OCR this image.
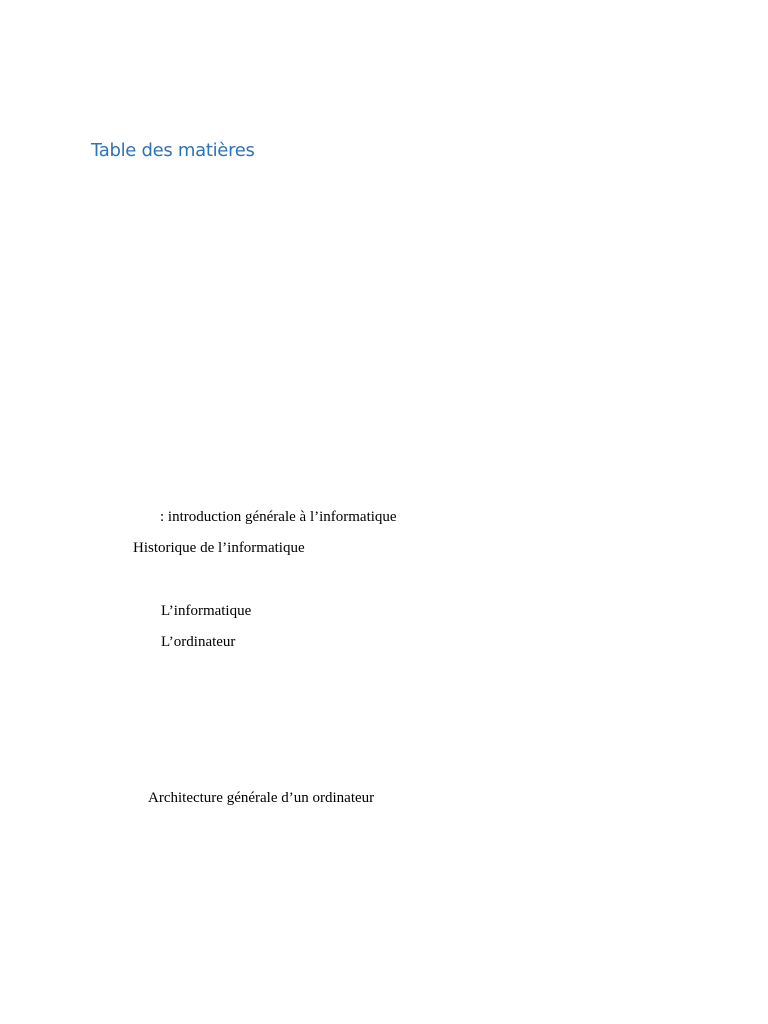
Table des matières
: introduction générale à l’informatique
Historique de l’informatique
L’informatique
L’ordinateur
Architecture générale d’un ordinateur
